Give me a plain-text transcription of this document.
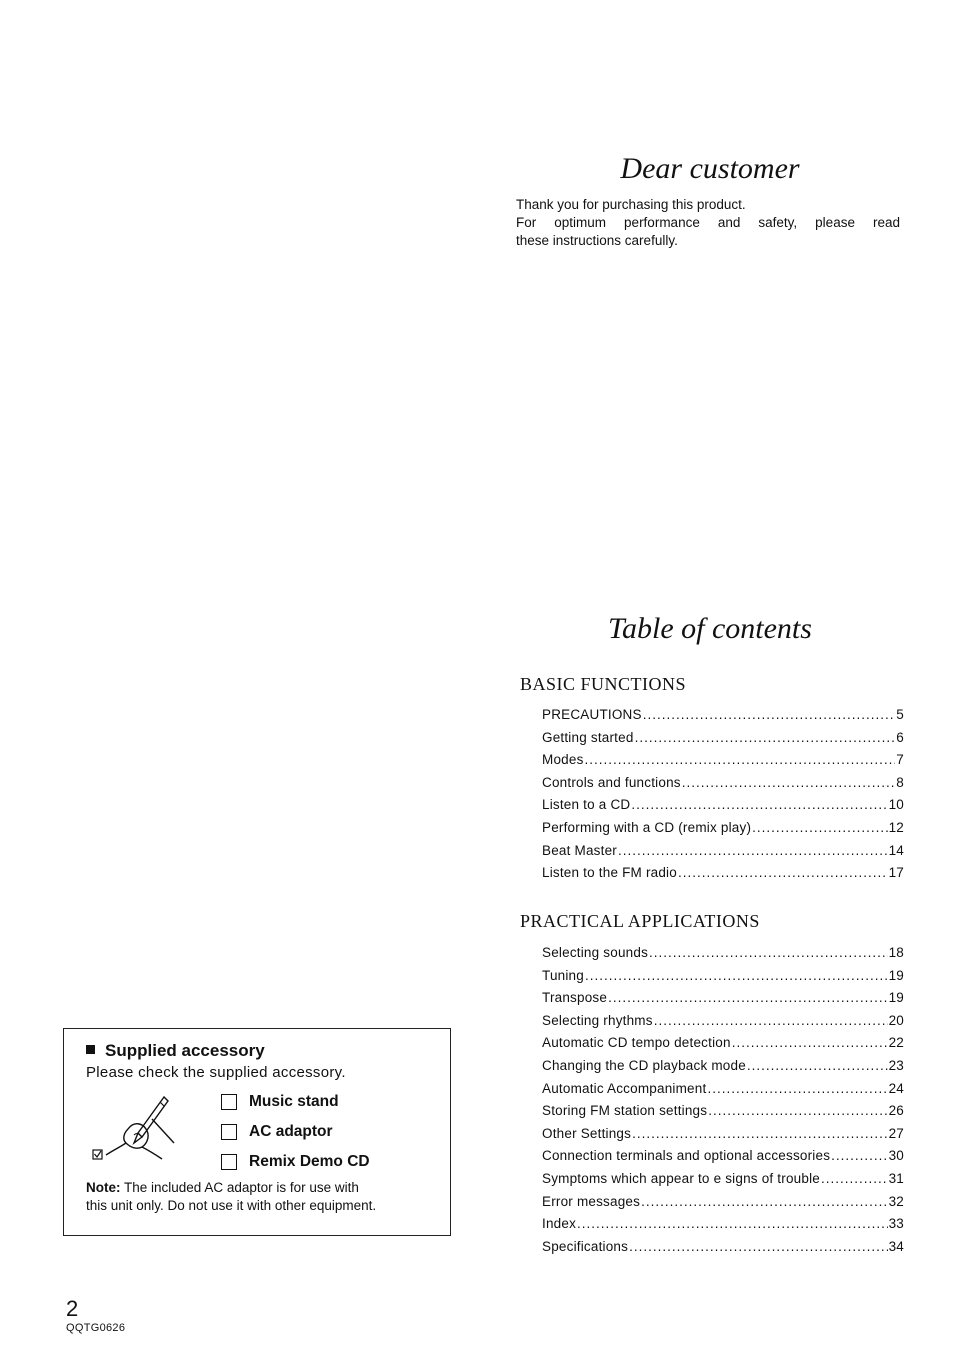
Dear customer
Thank you for purchasing this product.
For optimum performance and safety, please read
these instructions carefully.
Table of contents
BASIC FUNCTIONS
PRECAUTIONS .....	5
Getting started .....	6
Modes .....	7
Controls and functions .....	8
Listen to a CD .....	10
Performing with a CD (remix play) .....	12
Beat Master .....	14
Listen to the FM radio .....	17
PRACTICAL APPLICATIONS
Selecting sounds .....	18
Tuning .....	19
Transpose .....	19
Selecting rhythms .....	20
Automatic CD tempo detection .....	22
Changing the CD playback mode .....	23
Automatic Accompaniment .....	24
Storing FM station settings .....	26
Other Settings .....	27
Connection terminals and optional accessories .....	30
Symptoms which appear to e signs of trouble .....	31
Error messages .....	32
Index .....	33
Specifications .....	34
Supplied accessory
Please check the supplied accessory.
Music stand
AC adaptor
Remix Demo CD
Note: The included AC adaptor is for use with
this unit only. Do not use it with other equipment.
2
QQTG0626
